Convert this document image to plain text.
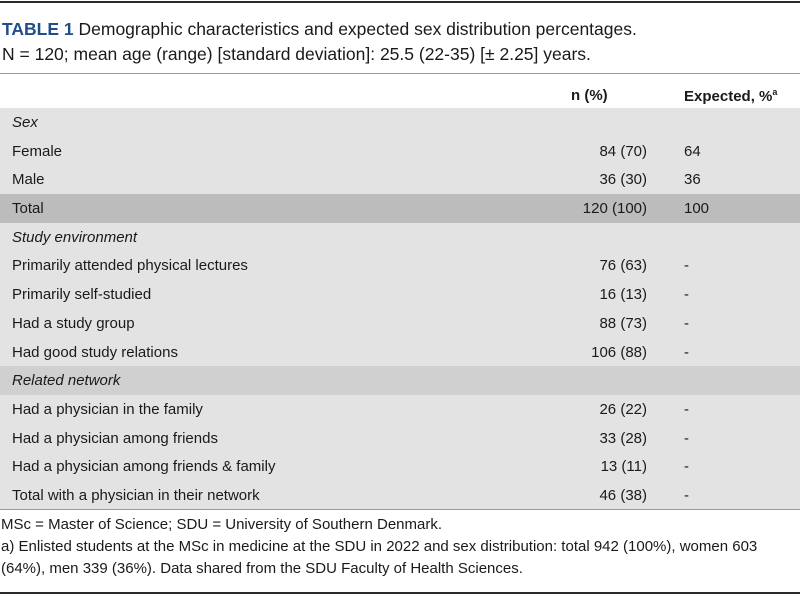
TABLE 1 Demographic characteristics and expected sex distribution percentages.
N = 120; mean age (range) [standard deviation]: 25.5 (22-35) [± 2.25] years.
n (%)	Expected, %$^a$
Sex
Female	84 (70) 64
Male	36 (30) 36
Total	120 (100) 100
Study environment
Primarily attended physical lectures	76 (63) -
Primarily self-studied	16 (13) -
Had a study group	88 (73) -
Had good study relations	106 (88) -
Related network
Had a physician in the family	26 (22) -
Had a physician among friends	33 (28) -
Had a physician among friends & family	13 (11) -
Total with a physician in their network	46 (38) -
MSc = Master of Science; SDU = University of Southern Denmark.
a) Enlisted students at the MSc in medicine at the SDU in 2022 and sex distribution: total 942 (100%), women 603 (64%), men 339 (36%). Data shared from the SDU Faculty of Health Sciences.
